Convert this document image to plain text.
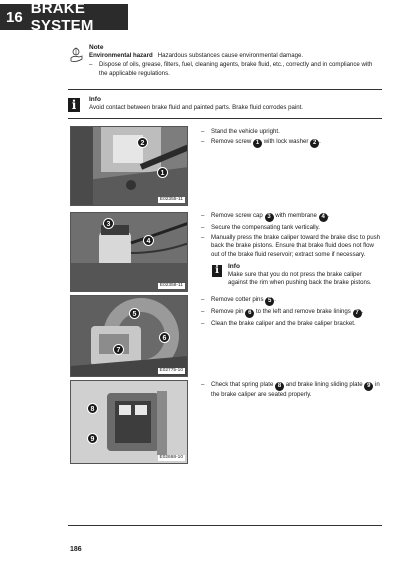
16 BRAKE SYSTEM
Note
Environmental hazard Hazardous substances cause environmental damage.
–	Dispose of oils, grease, filters, fuel, cleaning agents, brake fluid, etc., correctly and in compliance with the applicable regulations.
i	Info
Avoid contact between brake fluid and painted parts. Brake fluid corrodes paint.
2
1
E02355-11
–	Stand the vehicle upright.
–	Remove screw 1 with lock washer 2 .
3
4
E02356-11
–	Remove screw cap 3 with membrane 4 .
–	Secure the compensating tank vertically.
–	Manually press the brake caliper toward the brake disc to push back the brake pistons. Ensure that brake fluid does not flow out of the brake fluid reservoir; extract some if necessary.
i	Info
Make sure that you do not press the brake caliper against the rim when pushing back the brake pistons.
5
6
7
E02775-10
–	Remove cotter pins 5 .
–	Remove pin 6 to the left and remove brake linings 7 .
–	Clean the brake caliper and the brake caliper bracket.
8
9
E02668-10
–	Check that spring plate 8 and brake lining sliding plate 9 in the brake caliper are seated properly.
186
